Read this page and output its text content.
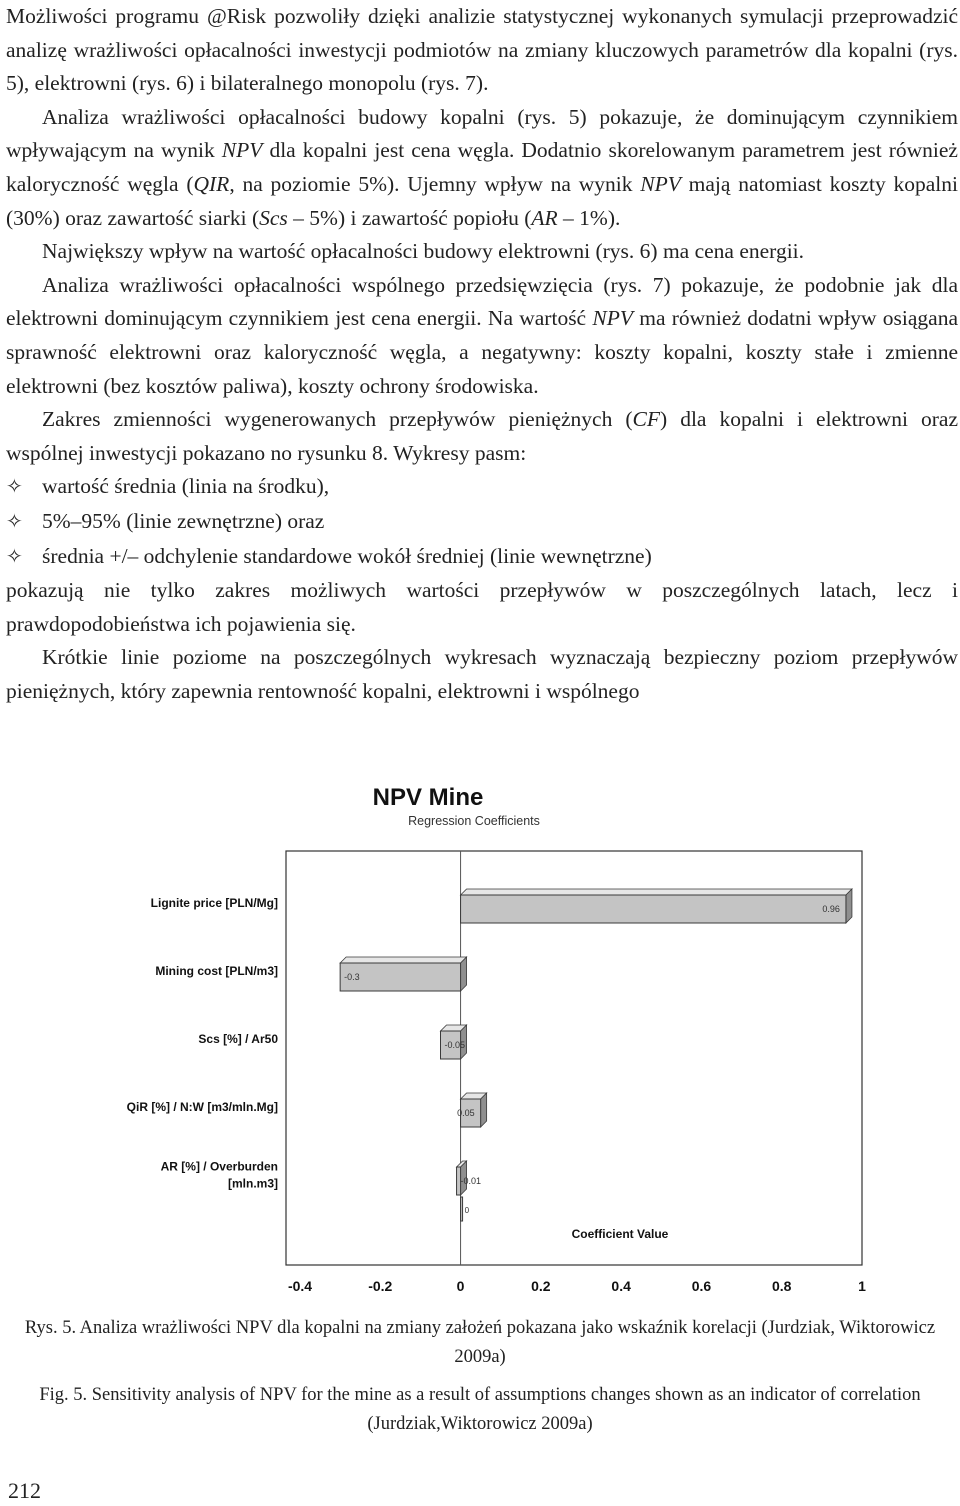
Możliwości programu @Risk pozwoliły dzięki analizie statystycznej wykonanych symulacji przeprowadzić analizę wrażliwości opłacalności inwestycji podmiotów na zmiany kluczowych parametrów dla kopalni (rys. 5), elektrowni (rys. 6) i bilateralnego monopolu (rys. 7).

Analiza wrażliwości opłacalności budowy kopalni (rys. 5) pokazuje, że dominującym czynnikiem wpływającym na wynik NPV dla kopalni jest cena węgla. Dodatnio skorelowanym parametrem jest również kaloryczność węgla (QIR, na poziomie 5%). Ujemny wpływ na wynik NPV mają natomiast koszty kopalni (30%) oraz zawartość siarki (Scs – 5%) i zawartość popiołu (AR – 1%).

Największy wpływ na wartość opłacalności budowy elektrowni (rys. 6) ma cena energii.

Analiza wrażliwości opłacalności wspólnego przedsięwzięcia (rys. 7) pokazuje, że podobnie jak dla elektrowni dominującym czynnikiem jest cena energii. Na wartość NPV ma również dodatni wpływ osiągana sprawność elektrowni oraz kaloryczność węgla, a negatywny: koszty kopalni, koszty stałe i zmienne elektrowni (bez kosztów paliwa), koszty ochrony środowiska.

Zakres zmienności wygenerowanych przepływów pieniężnych (CF) dla kopalni i elektrowni oraz wspólnej inwestycji pokazano no rysunku 8. Wykresy pasm:

✧ wartość średnia (linia na środku),
✧ 5%–95% (linie zewnętrzne) oraz
✧ średnia +/– odchylenie standardowe wokół średniej (linie wewnętrzne)

pokazują nie tylko zakres możliwych wartości przepływów w poszczególnych latach, lecz i prawdopodobieństwa ich pojawienia się.

Krótkie linie poziome na poszczególnych wykresach wyznaczają bezpieczny poziom przepływów pieniężnych, który zapewnia rentowność kopalni, elektrowni i wspólnego

NPV Mine
Regression Coefficients
-0.4	-0.2	0	0.2	0.4	0.6	0.8	1
Coefficient Value
0.96
Lignite price [PLN/Mg]
-0.3
Mining cost [PLN/m3]
-0.05
Scs [%] / Ar50
0.05
QiR [%] / N:W [m3/mln.Mg]
-0.01
AR [%] / Overburden
[mln.m3]
0
Rys. 5. Analiza wrażliwości NPV dla kopalni na zmiany założeń pokazana jako wskaźnik korelacji (Jurdziak, Wiktorowicz 2009a)
Fig. 5. Sensitivity analysis of NPV for the mine as a result of assumptions changes shown as an indicator of correlation (Jurdziak,Wiktorowicz 2009a)
212
